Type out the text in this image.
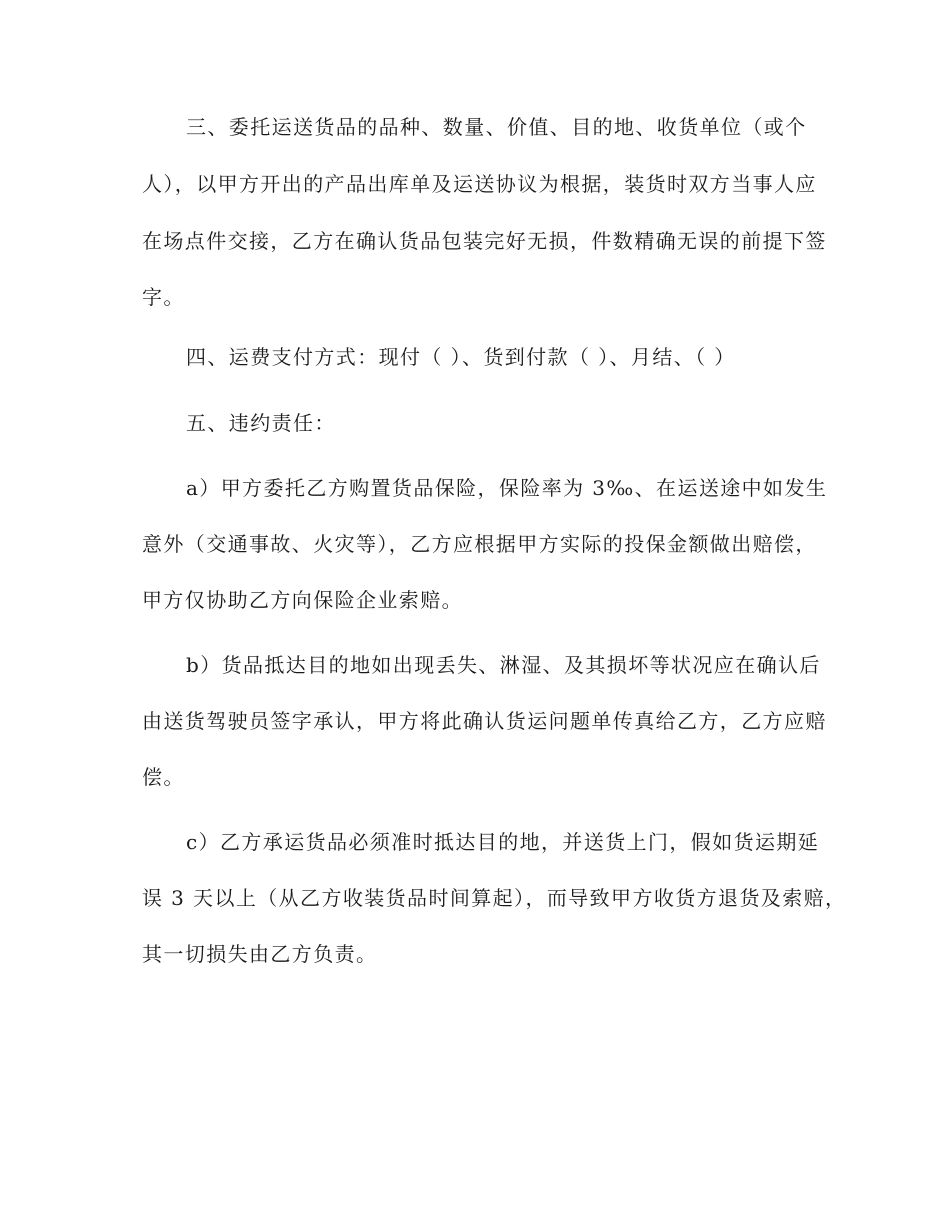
三、委托运送货品的品种、数量、价值、目的地、收货单位（或个

人），以甲方开出的产品出库单及运送协议为根据，装货时双方当事人应

在场点件交接，乙方在确认货品包装完好无损，件数精确无误的前提下签

字。

四、运费支付方式：现付（ ）、货到付款（ ）、月结、（ ）

五、违约责任：

a）甲方委托乙方购置货品保险，保险率为 3‰、在运送途中如发生

意外（交通事故、火灾等），乙方应根据甲方实际的投保金额做出赔偿，

甲方仅协助乙方向保险企业索赔。

b）货品抵达目的地如出现丢失、淋湿、及其损坏等状况应在确认后

由送货驾驶员签字承认，甲方将此确认货运问题单传真给乙方，乙方应赔

偿。

c）乙方承运货品必须准时抵达目的地，并送货上门，假如货运期延

误 3 天以上（从乙方收装货品时间算起），而导致甲方收货方退货及索赔，

其一切损失由乙方负责。
